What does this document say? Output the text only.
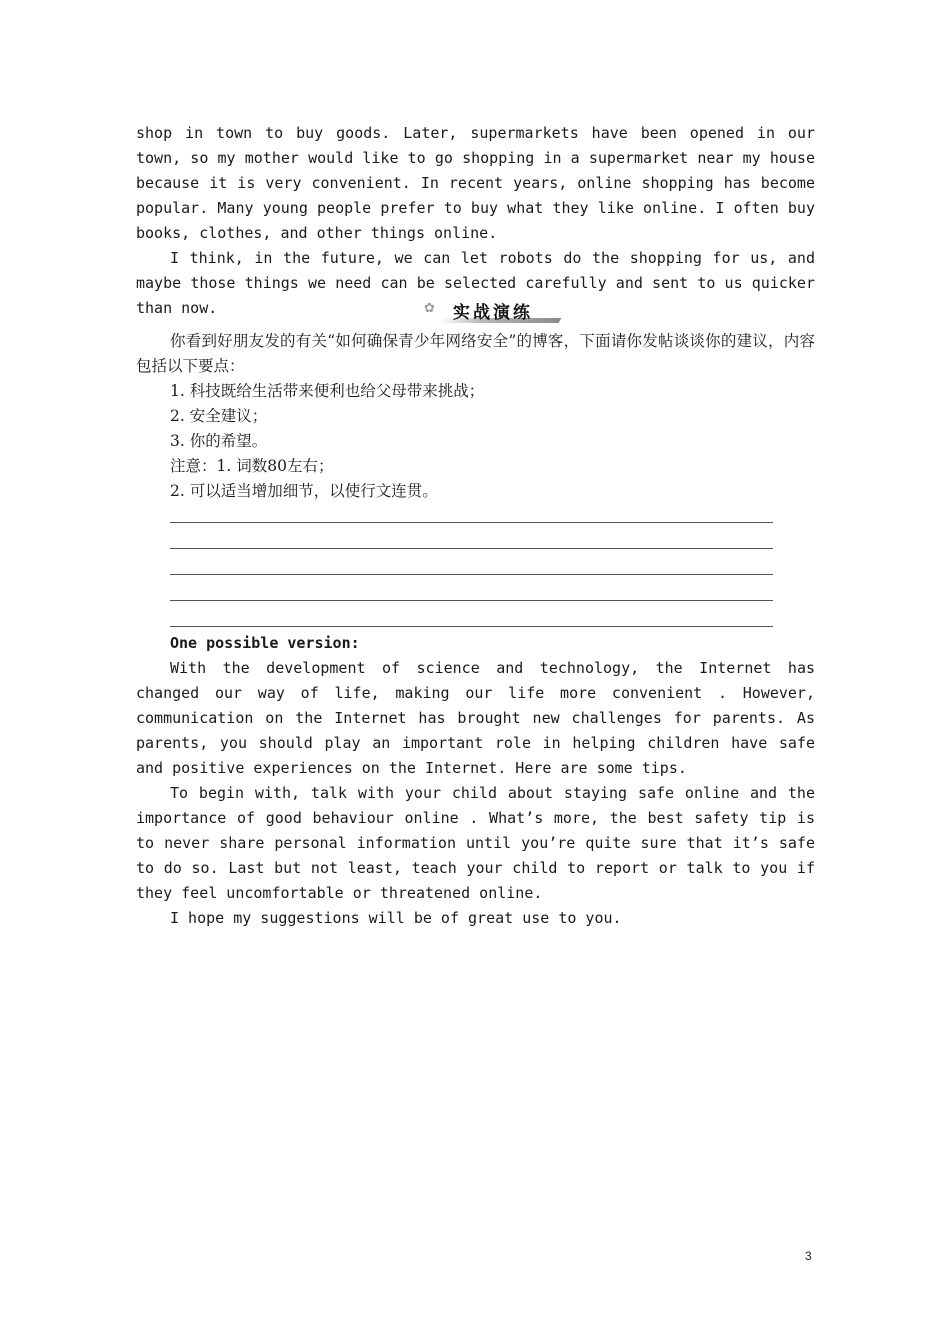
shop in town to buy goods. Later, supermarkets have been opened in our town, so my mother would like to go shopping in a supermarket near my house because it is very convenient. In recent years, online shopping has become popular. Many young people prefer to buy what they like online. I often buy books, clothes, and other things online.

I think, in the future, we can let robots do the shopping for us, and maybe those things we need can be selected carefully and sent to us quicker than now.	✿	实战演练

你看到好朋友发的有关“如何确保青少年网络安全”的博客，下面请你发帖谈谈你的建议，内容包括以下要点：

1. 科技既给生活带来便利也给父母带来挑战；

2. 安全建议；

3. 你的希望。

注意：1. 词数80左右；

2. 可以适当增加细节，以使行文连贯。

One possible version:

With the development of science and technology, the Internet has changed our way of life, making our life more convenient . However, communication on the Internet has brought new challenges for parents. As parents, you should play an important role in helping children have safe and positive experiences on the Internet. Here are some tips.

To begin with, talk with your child about staying safe online and the importance of good behaviour online . What’s more, the best safety tip is to never share personal information until you’re quite sure that it’s safe to do so. Last but not least, teach your child to report or talk to you if they feel uncomfortable or threatened online.

I hope my suggestions will be of great use to you.

3
